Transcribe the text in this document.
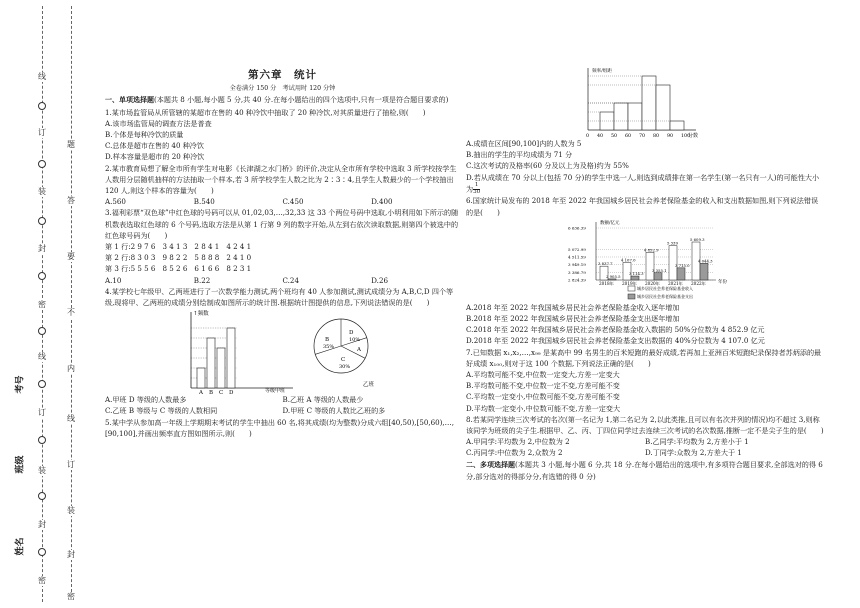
线
订
装
封
密
线
订
装
封
密
题
答
要
不
内
线
订
装
封
密
考号
班级
姓名
第六章　统计
全卷满分 150 分　考试用时 120 分钟
一、单项选择题(本题共 8 小题,每小题 5 分,共 40 分.在每小题给出的四个选项中,只有一项是符合题目要求的)
1.某市场监管局从所管辖的某超市在售的 40 种冷饮中抽取了 20 种冷饮,对其质量进行了抽检,则(　　)
A.该市场监管局的调查方法是普查
B.个体是每种冷饮的质量
C.总体是超市在售的 40 种冷饮
D.样本容量是超市的 20 种冷饮
2.某市教育局想了解全市所有学生对电影《长津湖之水门桥》的评价,决定从全市所有学校中选取 3 所学校按学生人数用分层随机抽样的方法抽取一个样本,若 3 所学校学生人数之比为 2∶3∶4,且学生人数最少的一个学校抽出 120 人,则这个样本的容量为(　　)
A.560	B.540	C.450	D.400
3.福利彩票“双色球”中红色球的号码可以从 01,02,03,…,32,33 这 33 个两位号码中选取,小明利用如下所示的随机数表选取红色球的 6 个号码,选取方法是从第 1 行第 9 列的数字开始,从左到右依次读取数据,则第四个被选中的红色球号码为(　　)
第 1 行:2 9 7 6　3 4 1 3　2 8 4 1　4 2 4 1
第 2 行:8 3 0 3　9 8 2 2　5 8 8 8　2 4 1 0
第 3 行:5 5 5 6　8 5 2 6　6 1 6 6　8 2 3 1
A.10	B.22	C.24	D.26
4.某学校七年级甲、乙两班进行了一次数学能力测试,两个班均有 40 人参加测试,测试成绩分为 A,B,C,D 四个等级,现将甲、乙两班的成绩分别绘制成如图所示的统计图.根据统计图提供的信息,下列说法错误的是(　　)
↑频数
A B C D	等级甲班
D
10%
A
B
35%
C
30%
乙班
A.甲班 D 等级的人数最多	B.乙班 A 等级的人数最少
C.乙班 B 等级与 C 等级的人数相同	D.甲班 C 等级的人数比乙班的多
5.某中学从参加高一年级上学期期末考试的学生中抽出 60 名,将其成绩(均为整数)分成六组[40,50),[50,60),…,[90,100],并画出频率直方图如图所示,则(　　)
频率/组距
分数
0 40 50 60 70 80 90 100
A.成绩在区间[90,100]内的人数为 5
B.抽出的学生的平均成绩为 71 分
C.这次考试的及格率(60 分及以上为及格)约为 55%
D.若从成绩在 70 分以上(包括 70 分)的学生中选一人,则选到成绩排在第一名学生(第一名只有一人)的可能性大小为 $\frac{1}{30}$
6.国家统计局发布的 2018 年至 2022 年我国城乡居民社会养老保险基金的收入和支出数据如图,则下列说法错误的是(　　)
数额/亿元
年份
6 636.39
5 072.99
4 511.59
3 949.19
3 386.79
2 824.39
3 837.7
2 905.5
2018年
4 107.0
3 114.3
2019年
4 852.9
3 355.1
2020年
5 339
3 715.0
2021年
5 609.3
4 044.3
2022年
城乡居民社会养老保险基金收入
城乡居民社会养老保险基金支出
A.2018 年至 2022 年我国城乡居民社会养老保险基金收入逐年增加
B.2018 年至 2022 年我国城乡居民社会养老保险基金支出逐年增加
C.2018 年至 2022 年我国城乡居民社会养老保险基金收入数据的 50%分位数为 4 852.9 亿元
D.2018 年至 2022 年我国城乡居民社会养老保险基金支出数据的 40%分位数为 4 107.0 亿元
7.已知数据 x₁,x₂,…,x₉₉ 是某高中 99 名男生的百米短跑的最好成绩,若再加上亚洲百米短跑纪录保持者苏炳添的最好成绩 x₁₀₀,则对于这 100 个数据,下列说法正确的是(　　)
A.平均数可能不变,中位数一定变大,方差一定变大
B.平均数可能不变,中位数一定不变,方差可能不变
C.平均数一定变小,中位数可能不变,方差可能不变
D.平均数一定变小,中位数可能不变,方差一定变大
8.若某同学连续三次考试的名次(第一名记为 1,第二名记为 2,以此类推,且可以有名次并列的情况)均不超过 3,则称该同学为班级的尖子生.根据甲、乙、丙、丁四位同学过去连续三次考试的名次数据,推断一定不是尖子生的是(　　)
A.甲同学:平均数为 2,中位数为 2	B.乙同学:平均数为 2,方差小于 1
C.丙同学:中位数为 2,众数为 2	D.丁同学:众数为 2,方差大于 1
二、多项选择题(本题共 3 小题,每小题 6 分,共 18 分.在每小题给出的选项中,有多项符合题目要求,全部选对的得 6 分,部分选对的得部分分,有选错的得 0 分)
